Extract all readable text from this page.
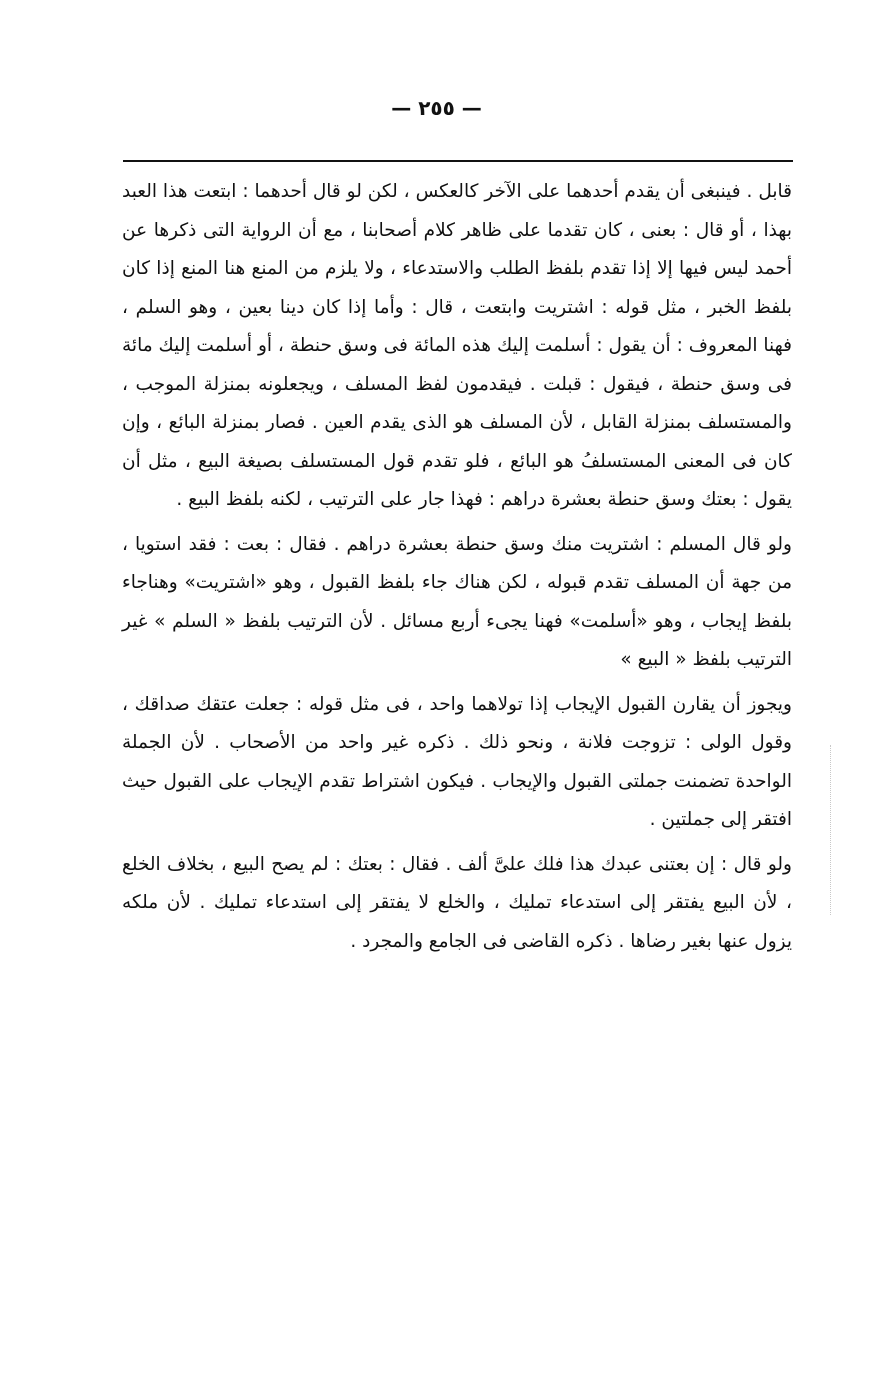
— ٢٥٥ —

قابل . فينبغى أن يقدم أحدهما على الآخر كالعكس ، لكن لو قال أحدهما : ابتعت هذا العبد بهذا ، أو قال : بعنى ، كان تقدما على ظاهر كلام أصحابنا ، مع أن الرواية التى ذكرها عن أحمد ليس فيها إلا إذا تقدم بلفظ الطلب والاستدعاء ، ولا يلزم من المنع هنا المنع إذا كان بلفظ الخبر ، مثل قوله : اشتريت وابتعت ، قال : وأما إذا كان دينا بعين ، وهو السلم ، فهنا المعروف : أن يقول : أسلمت إليك هذه المائة فى وسق حنطة ، أو أسلمت إليك مائة فى وسق حنطة ، فيقول : قبلت . فيقدمون لفظ المسلف ، ويجعلونه بمنزلة الموجب ، والمستسلف بمنزلة القابل ، لأن المسلف هو الذى يقدم العين . فصار بمنزلة البائع ، وإن كان فى المعنى المستسلفُ هو البائع ، فلو تقدم قول المستسلف بصيغة البيع ، مثل أن يقول : بعتك وسق حنطة بعشرة دراهم : فهذا جار على الترتيب ، لكنه بلفظ البيع .

ولو قال المسلم : اشتريت منك وسق حنطة بعشرة دراهم . فقال : بعت : فقد استويا ، من جهة أن المسلف تقدم قبوله ، لكن هناك جاء بلفظ القبول ، وهو «اشتريت» وهناجاء بلفظ إيجاب ، وهو «أسلمت» فهنا يجىء أربع مسائل . لأن الترتيب بلفظ « السلم » غير الترتيب بلفظ « البيع »

ويجوز أن يقارن القبول الإيجاب إذا تولاهما واحد ، فى مثل قوله : جعلت عتقك صداقك ، وقول الولى : تزوجت فلانة ، ونحو ذلك . ذكره غير واحد من الأصحاب . لأن الجملة الواحدة تضمنت جملتى القبول والإيجاب . فيكون اشتراط تقدم الإيجاب على القبول حيث افتقر إلى جملتين .

ولو قال : إن بعتنى عبدك هذا فلك علىَّ ألف . فقال : بعتك : لم يصح البيع ، بخلاف الخلع ، لأن البيع يفتقر إلى استدعاء تمليك ، والخلع لا يفتقر إلى استدعاء تمليك . لأن ملكه يزول عنها بغير رضاها . ذكره القاضى فى الجامع والمجرد .
